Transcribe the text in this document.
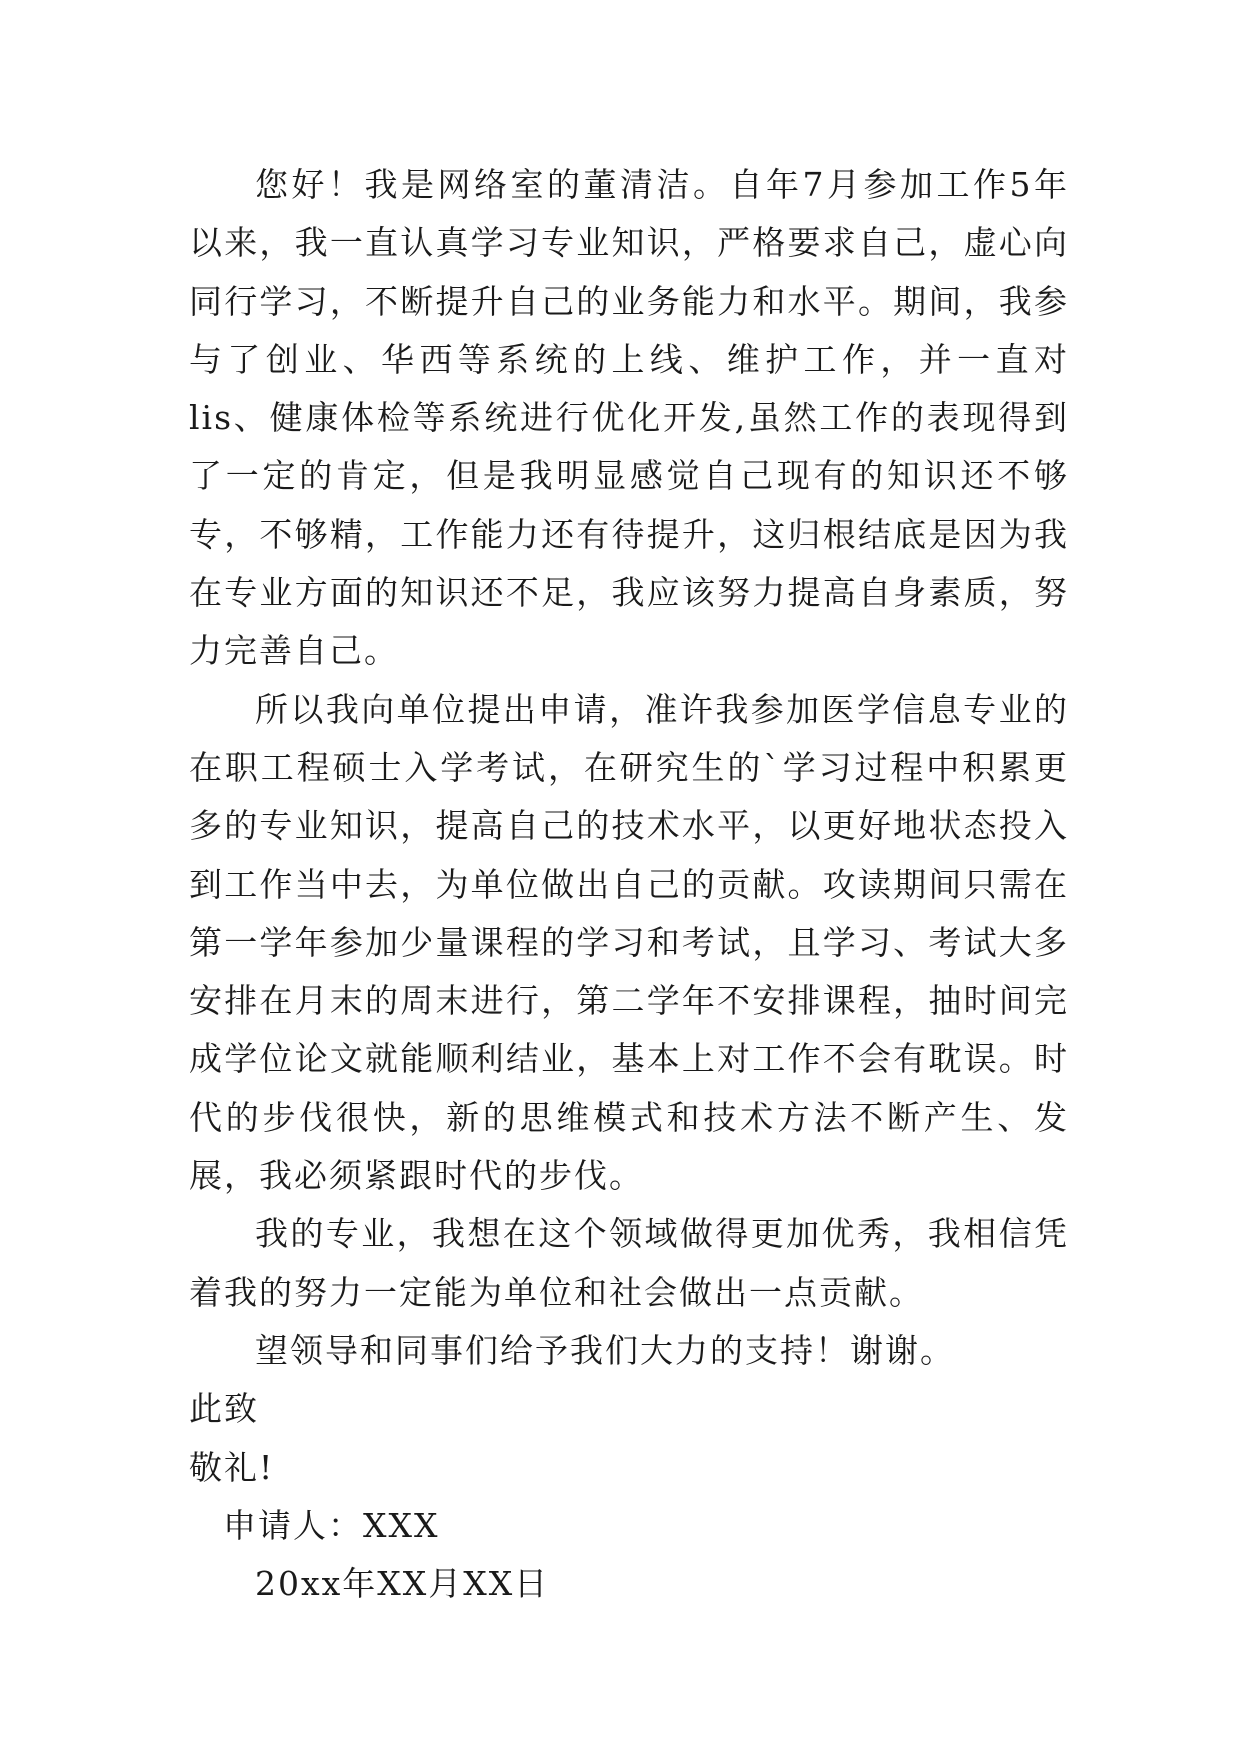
您好！我是网络室的董清洁。自年7月参加工作5年以来，我一直认真学习专业知识，严格要求自己，虚心向同行学习，不断提升自己的业务能力和水平。期间，我参与了创业、华西等系统的上线、维护工作，并一直对lis、健康体检等系统进行优化开发,虽然工作的表现得到了一定的肯定，但是我明显感觉自己现有的知识还不够专，不够精，工作能力还有待提升，这归根结底是因为我在专业方面的知识还不足，我应该努力提高自身素质，努力完善自己。

所以我向单位提出申请，准许我参加医学信息专业的在职工程硕士入学考试，在研究生的`学习过程中积累更多的专业知识，提高自己的技术水平，以更好地状态投入到工作当中去，为单位做出自己的贡献。攻读期间只需在第一学年参加少量课程的学习和考试，且学习、考试大多安排在月末的周末进行，第二学年不安排课程，抽时间完成学位论文就能顺利结业，基本上对工作不会有耽误。时代的步伐很快，新的思维模式和技术方法不断产生、发展，我必须紧跟时代的步伐。

我的专业，我想在这个领域做得更加优秀，我相信凭着我的努力一定能为单位和社会做出一点贡献。

望领导和同事们给予我们大力的支持！谢谢。

此致

敬礼!

申请人：XXX

20xx年XX月XX日
